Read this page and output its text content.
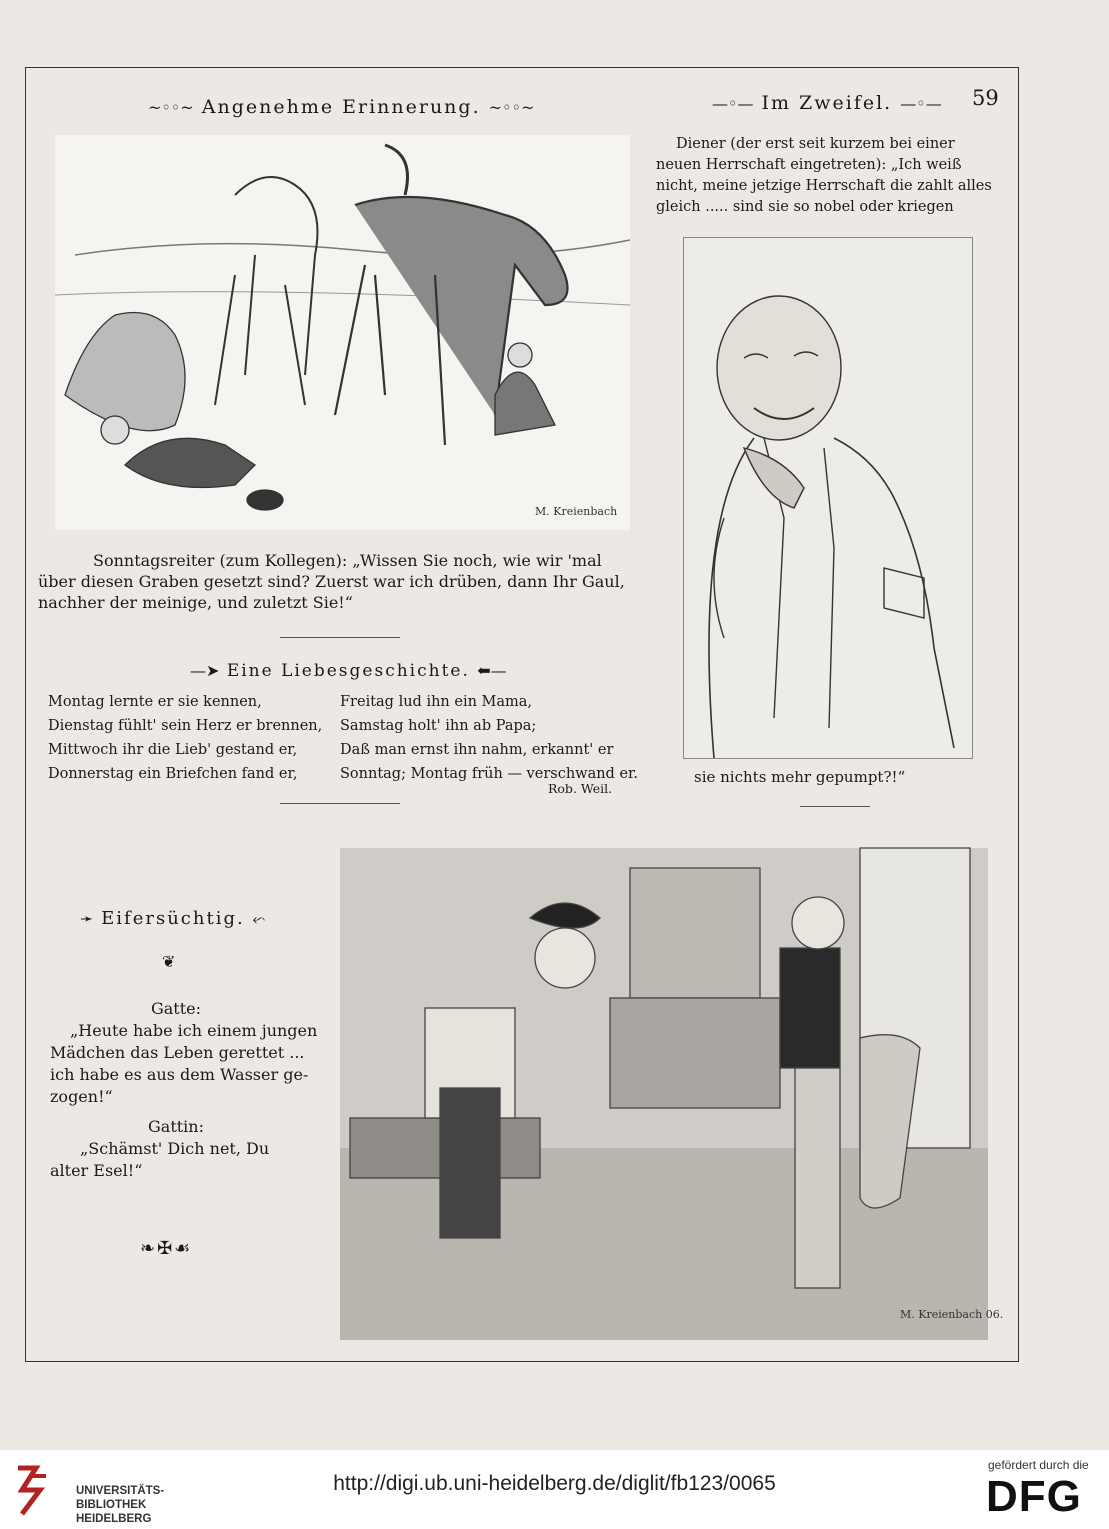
59
~◦◦~ Angenehme Erinnerung. ~◦◦~
M. Kreienbach
Sonntagsreiter (zum Kollegen): „Wissen Sie noch, wie wir 'mal
über diesen Graben gesetzt sind? Zuerst war ich drüben, dann Ihr Gaul,
nachher der meinige, und zuletzt Sie!“
—➤ Eine Liebesgeschichte. ⬅—
Montag lernte er sie kennen,
Dienstag fühlt' sein Herz er brennen,
Mittwoch ihr die Lieb' gestand er,
Donnerstag ein Briefchen fand er,
Freitag lud ihn ein Mama,
Samstag holt' ihn ab Papa;
Daß man ernst ihn nahm, erkannt' er
Sonntag; Montag früh — verschwand er.
Rob. Weil.
—◦— Im Zweifel. —◦—
Diener (der erst seit kurzem bei einer
neuen Herrschaft eingetreten): „Ich weiß
nicht, meine jetzige Herrschaft die zahlt alles
gleich ..... sind sie so nobel oder kriegen
sie nichts mehr gepumpt?!“
➛ Eifersüchtig. ⬿
❦
Gatte:
„Heute habe ich einem jungen
Mädchen das Leben gerettet ...
ich habe es aus dem Wasser ge-
zogen!“
Gattin:
„Schämst' Dich net, Du
alter Esel!“
❧✠☙
M. Kreienbach 06.
UNIVERSITÄTS-
BIBLIOTHEK
HEIDELBERG
http://digi.ub.uni-heidelberg.de/diglit/fb123/0065
gefördert durch die
DFG
